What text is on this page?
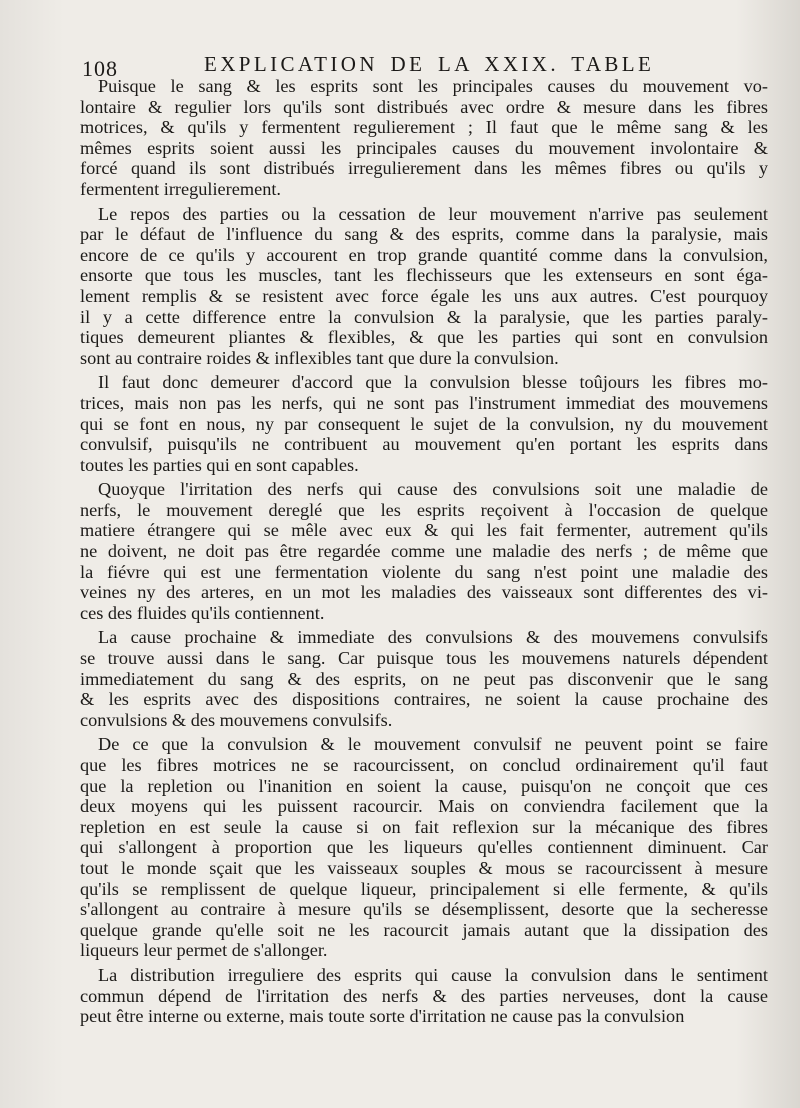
108	EXPLICATION DE LA XXIX. TABLE
Puisque le sang & les esprits sont les principales causes du mouvement vo-
lontaire & regulier lors qu'ils sont distribués avec ordre & mesure dans les fibres
motrices, & qu'ils y fermentent regulierement ; Il faut que le même sang & les
mêmes esprits soient aussi les principales causes du mouvement involontaire &
forcé quand ils sont distribués irregulierement dans les mêmes fibres ou qu'ils y
fermentent irregulierement.
Le repos des parties ou la cessation de leur mouvement n'arrive pas seulement
par le défaut de l'influence du sang & des esprits, comme dans la paralysie, mais
encore de ce qu'ils y accourent en trop grande quantité comme dans la convulsion,
ensorte que tous les muscles, tant les flechisseurs que les extenseurs en sont éga-
lement remplis & se resistent avec force égale les uns aux autres. C'est pourquoy
il y a cette difference entre la convulsion & la paralysie, que les parties paraly-
tiques demeurent pliantes & flexibles, & que les parties qui sont en convulsion
sont au contraire roides & inflexibles tant que dure la convulsion.
Il faut donc demeurer d'accord que la convulsion blesse toûjours les fibres mo-
trices, mais non pas les nerfs, qui ne sont pas l'instrument immediat des mouvemens
qui se font en nous, ny par consequent le sujet de la convulsion, ny du mouvement
convulsif, puisqu'ils ne contribuent au mouvement qu'en portant les esprits dans
toutes les parties qui en sont capables.
Quoyque l'irritation des nerfs qui cause des convulsions soit une maladie de
nerfs, le mouvement dereglé que les esprits reçoivent à l'occasion de quelque
matiere étrangere qui se mêle avec eux & qui les fait fermenter, autrement qu'ils
ne doivent, ne doit pas être regardée comme une maladie des nerfs ; de même que
la fiévre qui est une fermentation violente du sang n'est point une maladie des
veines ny des arteres, en un mot les maladies des vaisseaux sont differentes des vi-
ces des fluides qu'ils contiennent.
La cause prochaine & immediate des convulsions & des mouvemens convulsifs
se trouve aussi dans le sang. Car puisque tous les mouvemens naturels dépendent
immediatement du sang & des esprits, on ne peut pas disconvenir que le sang
& les esprits avec des dispositions contraires, ne soient la cause prochaine des
convulsions & des mouvemens convulsifs.
De ce que la convulsion & le mouvement convulsif ne peuvent point se faire
que les fibres motrices ne se racourcissent, on conclud ordinairement qu'il faut
que la repletion ou l'inanition en soient la cause, puisqu'on ne conçoit que ces
deux moyens qui les puissent racourcir. Mais on conviendra facilement que la
repletion en est seule la cause si on fait reflexion sur la mécanique des fibres
qui s'allongent à proportion que les liqueurs qu'elles contiennent diminuent. Car
tout le monde sçait que les vaisseaux souples & mous se racourcissent à mesure
qu'ils se remplissent de quelque liqueur, principalement si elle fermente, & qu'ils
s'allongent au contraire à mesure qu'ils se désemplissent, desorte que la secheresse
quelque grande qu'elle soit ne les racourcit jamais autant que la dissipation des
liqueurs leur permet de s'allonger.
La distribution irreguliere des esprits qui cause la convulsion dans le sentiment
commun dépend de l'irritation des nerfs & des parties nerveuses, dont la cause
peut être interne ou externe, mais toute sorte d'irritation ne cause pas la convulsion
